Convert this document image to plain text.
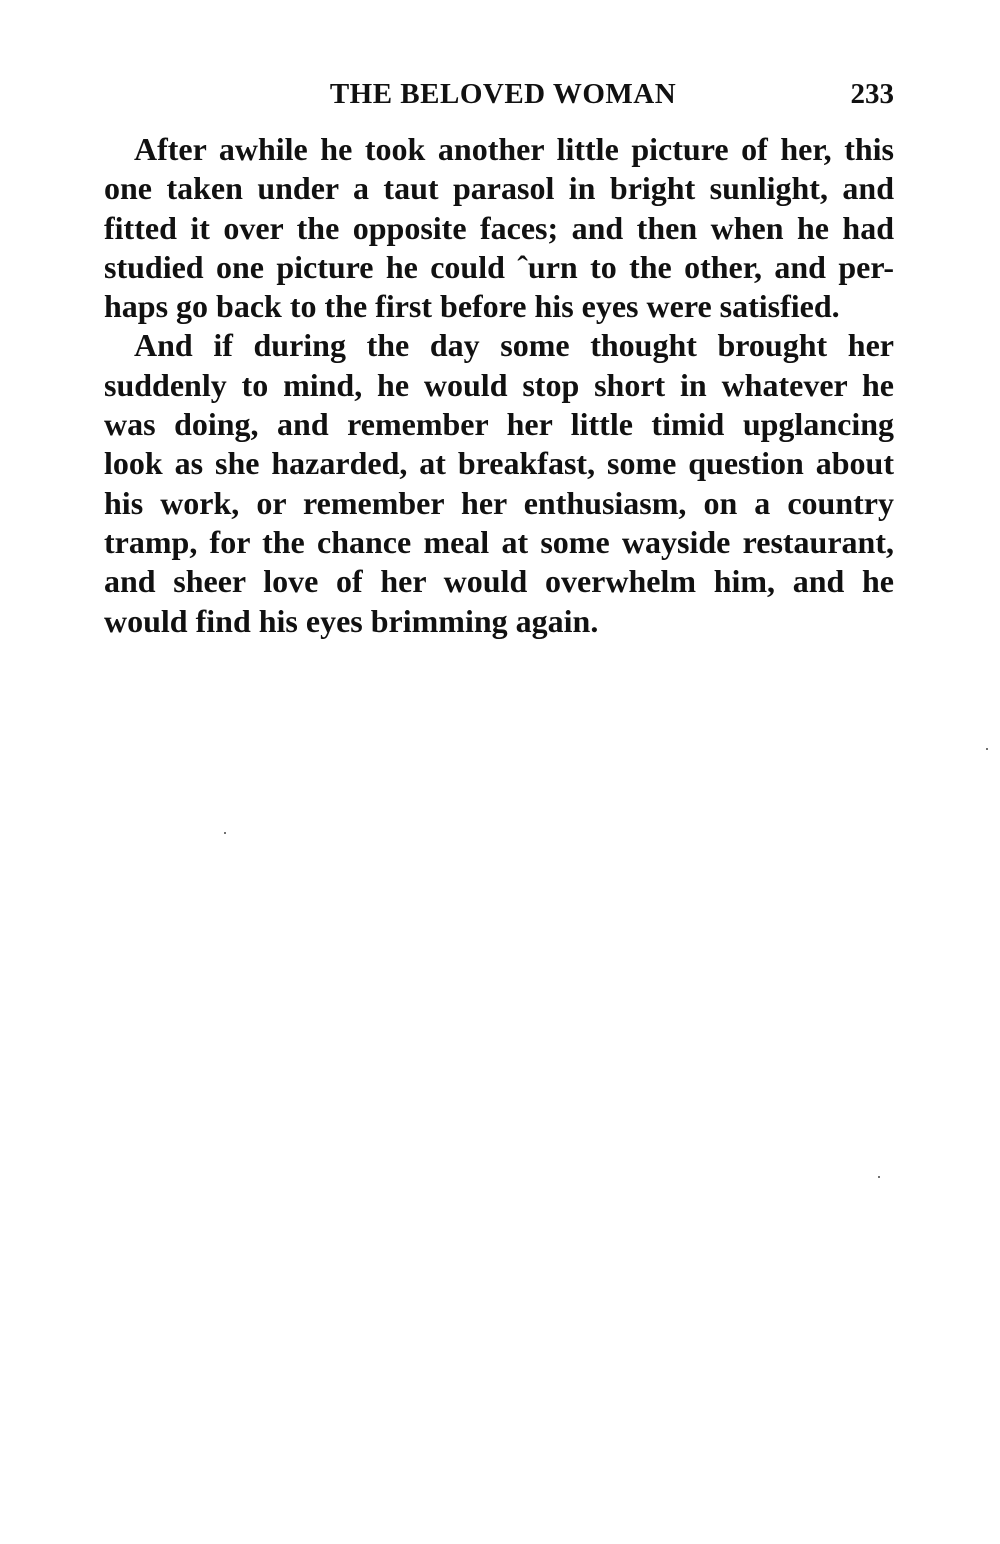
THE BELOVED WOMAN	233
After awhile he took another little picture of her, this
one taken under a taut parasol in bright sunlight, and
fitted it over the opposite faces; and then when he had
studied one picture he could ˆurn to the other, and per-
haps go back to the first before his eyes were satisfied.
And if during the day some thought brought her
suddenly to mind, he would stop short in whatever he
was doing, and remember her little timid upglancing
look as she hazarded, at breakfast, some question about
his work, or remember her enthusiasm, on a country
tramp, for the chance meal at some wayside restaurant,
and sheer love of her would overwhelm him, and he
would find his eyes brimming again.
